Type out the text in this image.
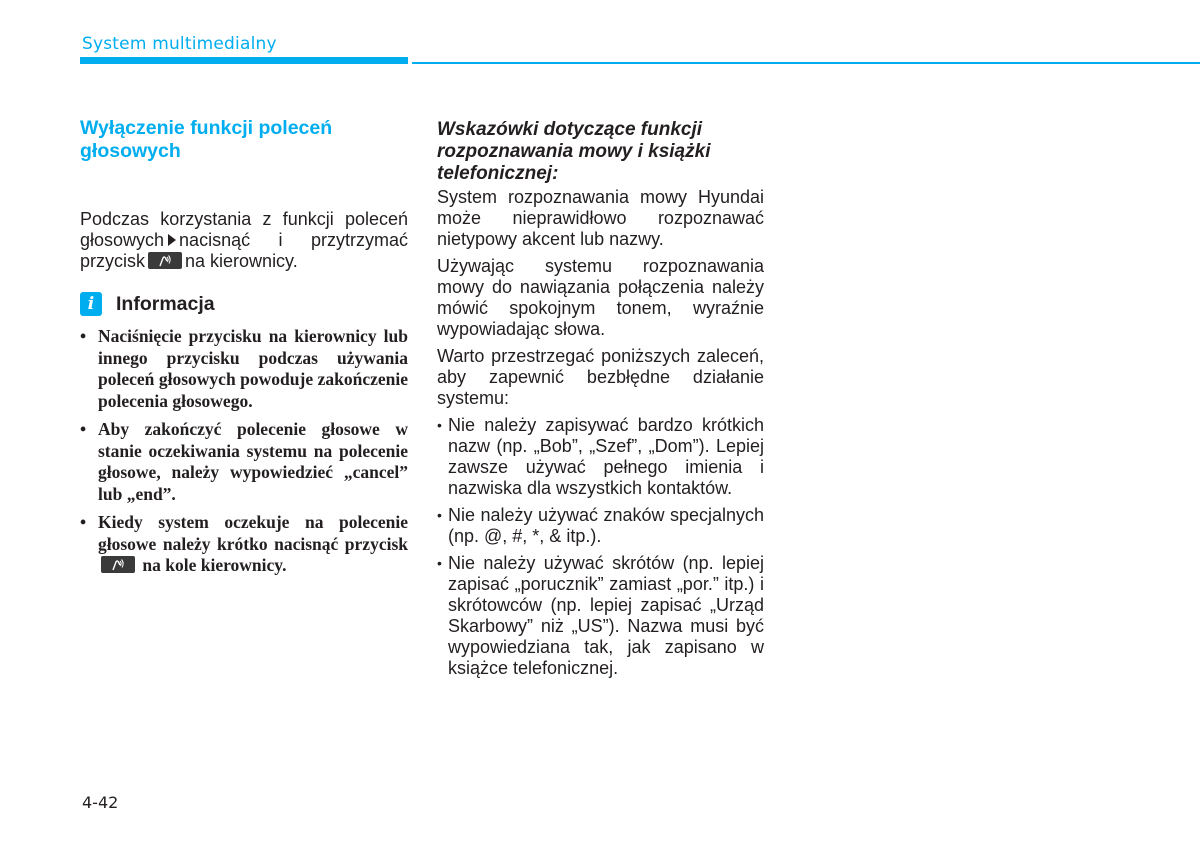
System multimedialny
Wyłączenie funkcji poleceń głosowych

Podczas korzystania z funkcji poleceń głosowych nacisnąć i przytrzymać przycisk na kierownicy.

i	Informacja
• Naciśnięcie przycisku na kierownicy lub innego przycisku podczas używania poleceń głosowych powoduje zakończenie polecenia głosowego.
• Aby zakończyć polecenie głosowe w stanie oczekiwania systemu na polecenie głosowe, należy wypowiedzieć „cancel” lub „end”.
• Kiedy system oczekuje na polecenie głosowe należy krótko nacisnąć przycisk
na kole kierownicy.
Wskazówki dotyczące funkcji rozpoznawania mowy i książki telefonicznej:

System rozpoznawania mowy Hyundai może nieprawidłowo rozpoznawać nietypowy akcent lub nazwy.

Używając systemu rozpoznawania mowy do nawiązania połączenia należy mówić spokojnym tonem, wyraźnie wypowiadając słowa.

Warto przestrzegać poniższych zaleceń, aby zapewnić bezbłędne działanie systemu:

• Nie należy zapisywać bardzo krótkich nazw (np. „Bob”, „Szef”, „Dom”). Lepiej zawsze używać pełnego imienia i nazwiska dla wszystkich kontaktów.
• Nie należy używać znaków specjalnych (np. @, #, *, & itp.).
• Nie należy używać skrótów (np. lepiej zapisać „porucznik” zamiast „por.” itp.) i skrótowców (np. lepiej zapisać „Urząd Skarbowy” niż „US”). Nazwa musi być wypowiedziana tak, jak zapisano w książce telefonicznej.
4-42
